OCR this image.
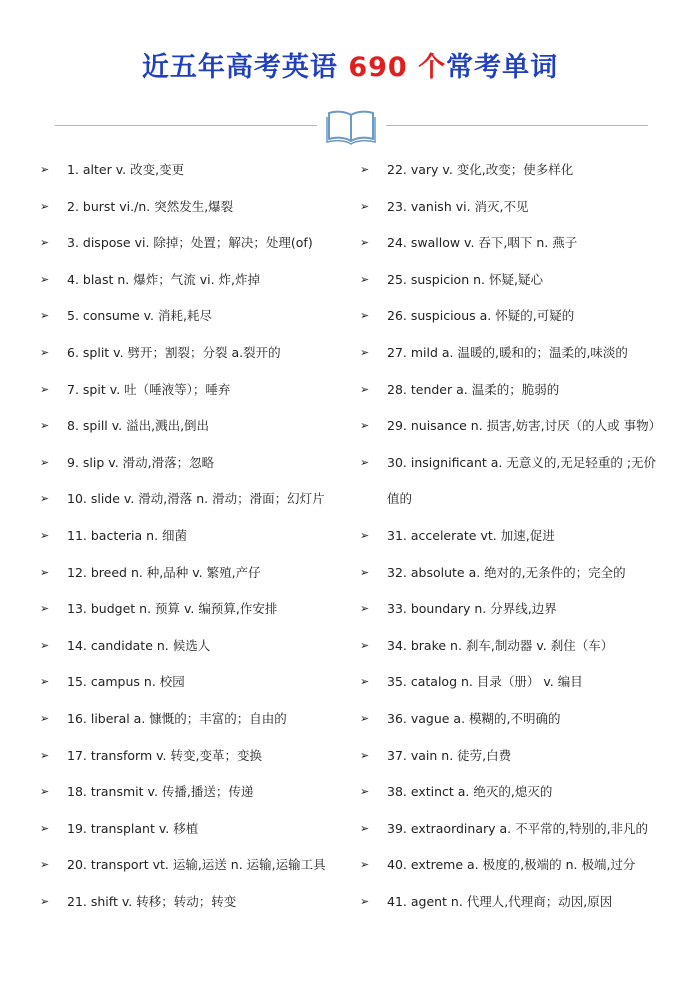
近五年高考英语 690 个常考单词
➢	1. alter v. 改变,变更
➢	2. burst vi./n. 突然发生,爆裂
➢	3. dispose vi. 除掉；处置；解决；处理(of)
➢	4. blast n. 爆炸；气流 vi. 炸,炸掉
➢	5. consume v. 消耗,耗尽
➢	6. split v. 劈开；割裂；分裂 a.裂开的
➢	7. spit v. 吐（唾液等）；唾弃
➢	8. spill v. 溢出,溅出,倒出
➢	9. slip v. 滑动,滑落；忽略
➢	10. slide v. 滑动,滑落 n. 滑动；滑面；幻灯片
➢	11. bacteria n. 细菌
➢	12. breed n. 种,品种 v. 繁殖,产仔
➢	13. budget n. 预算 v. 编预算,作安排
➢	14. candidate n. 候选人
➢	15. campus n. 校园
➢	16. liberal a. 慷慨的；丰富的；自由的
➢	17. transform v. 转变,变革；变换
➢	18. transmit v. 传播,播送；传递
➢	19. transplant v. 移植
➢	20. transport vt. 运输,运送 n. 运输,运输工具
➢	21. shift v. 转移；转动；转变
➢	22. vary v. 变化,改变；使多样化
➢	23. vanish vi. 消灭,不见
➢	24. swallow v. 吞下,咽下 n. 燕子
➢	25. suspicion n. 怀疑,疑心
➢	26. suspicious a. 怀疑的,可疑的
➢	27. mild a. 温暖的,暖和的；温柔的,味淡的
➢	28. tender a. 温柔的；脆弱的
➢	29. nuisance n. 损害,妨害,讨厌（的人或 事物）
➢	30. insignificant a. 无意义的,无足轻重的 ;无价值的
➢	31. accelerate vt. 加速,促进
➢	32. absolute a. 绝对的,无条件的；完全的
➢	33. boundary n. 分界线,边界
➢	34. brake n. 刹车,制动器 v. 刹住（车）
➢	35. catalog n. 目录（册） v. 编目
➢	36. vague a. 模糊的,不明确的
➢	37. vain n. 徒劳,白费
➢	38. extinct a. 绝灭的,熄灭的
➢	39. extraordinary a. 不平常的,特别的,非凡的
➢	40. extreme a. 极度的,极端的 n. 极端,过分
➢	41. agent n. 代理人,代理商；动因,原因
